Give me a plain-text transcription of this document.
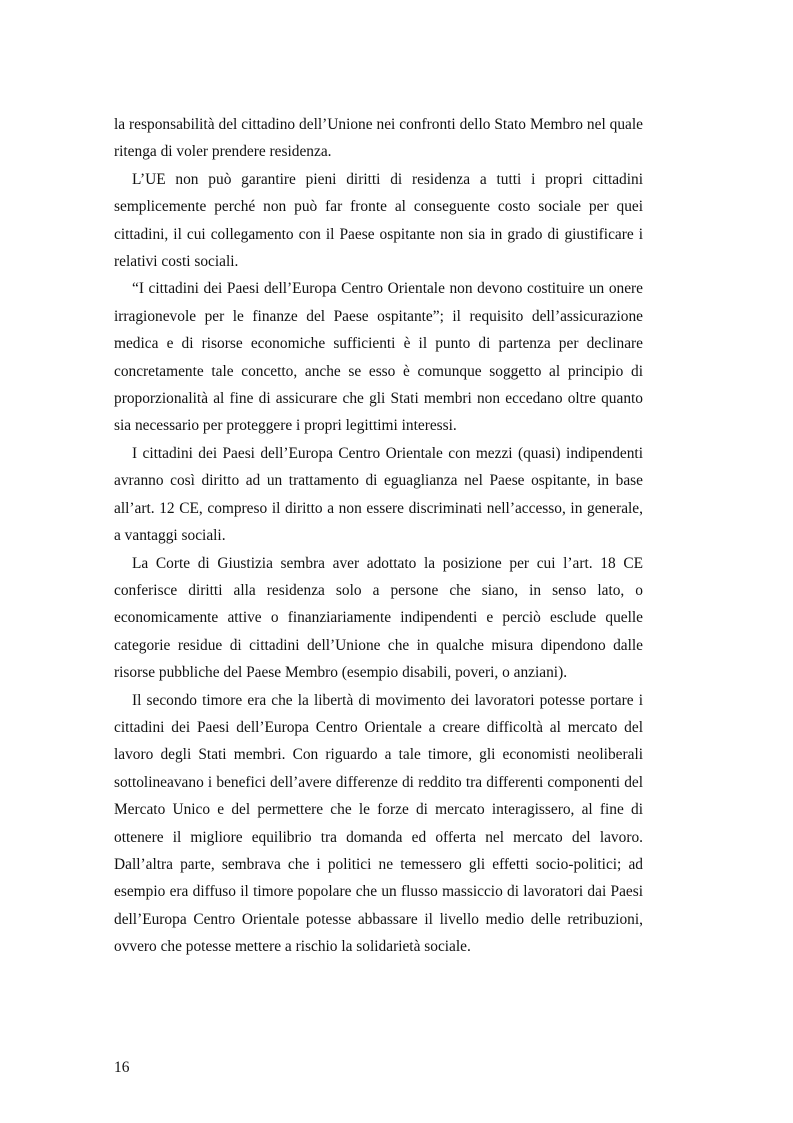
la responsabilità del cittadino dell’Unione nei confronti dello Stato Membro nel quale ritenga di voler prendere residenza.

L’UE non può garantire pieni diritti di residenza a tutti i propri cittadini semplicemente perché non può far fronte al conseguente costo sociale per quei cittadini, il cui collegamento con il Paese ospitante non sia in grado di giustificare i relativi costi sociali.

“I cittadini dei Paesi dell’Europa Centro Orientale non devono costituire un onere irragionevole per le finanze del Paese ospitante”; il requisito dell’assicurazione medica e di risorse economiche sufficienti è il punto di partenza per declinare concretamente tale concetto, anche se esso è comunque soggetto al principio di proporzionalità al fine di assicurare che gli Stati membri non eccedano oltre quanto sia necessario per proteggere i propri legittimi interessi.

I cittadini dei Paesi dell’Europa Centro Orientale con mezzi (quasi) indipendenti avranno così diritto ad un trattamento di eguaglianza nel Paese ospitante, in base all’art. 12 CE, compreso il diritto a non essere discriminati nell’accesso, in generale, a vantaggi sociali.

La Corte di Giustizia sembra aver adottato la posizione per cui l’art. 18 CE conferisce diritti alla residenza solo a persone che siano, in senso lato, o economicamente attive o finanziariamente indipendenti e perciò esclude quelle categorie residue di cittadini dell’Unione che in qualche misura dipendono dalle risorse pubbliche del Paese Membro (esempio disabili, poveri, o anziani).

Il secondo timore era che la libertà di movimento dei lavoratori potesse portare i cittadini dei Paesi dell’Europa Centro Orientale a creare difficoltà al mercato del lavoro degli Stati membri. Con riguardo a tale timore, gli economisti neoliberali sottolineavano i benefici dell’avere differenze di reddito tra differenti componenti del Mercato Unico e del permettere che le forze di mercato interagissero, al fine di ottenere il migliore equilibrio tra domanda ed offerta nel mercato del lavoro. Dall’altra parte, sembrava che i politici ne temessero gli effetti socio-politici; ad esempio era diffuso il timore popolare che un flusso massiccio di lavoratori dai Paesi dell’Europa Centro Orientale potesse abbassare il livello medio delle retribuzioni, ovvero che potesse mettere a rischio la solidarietà sociale.

16
